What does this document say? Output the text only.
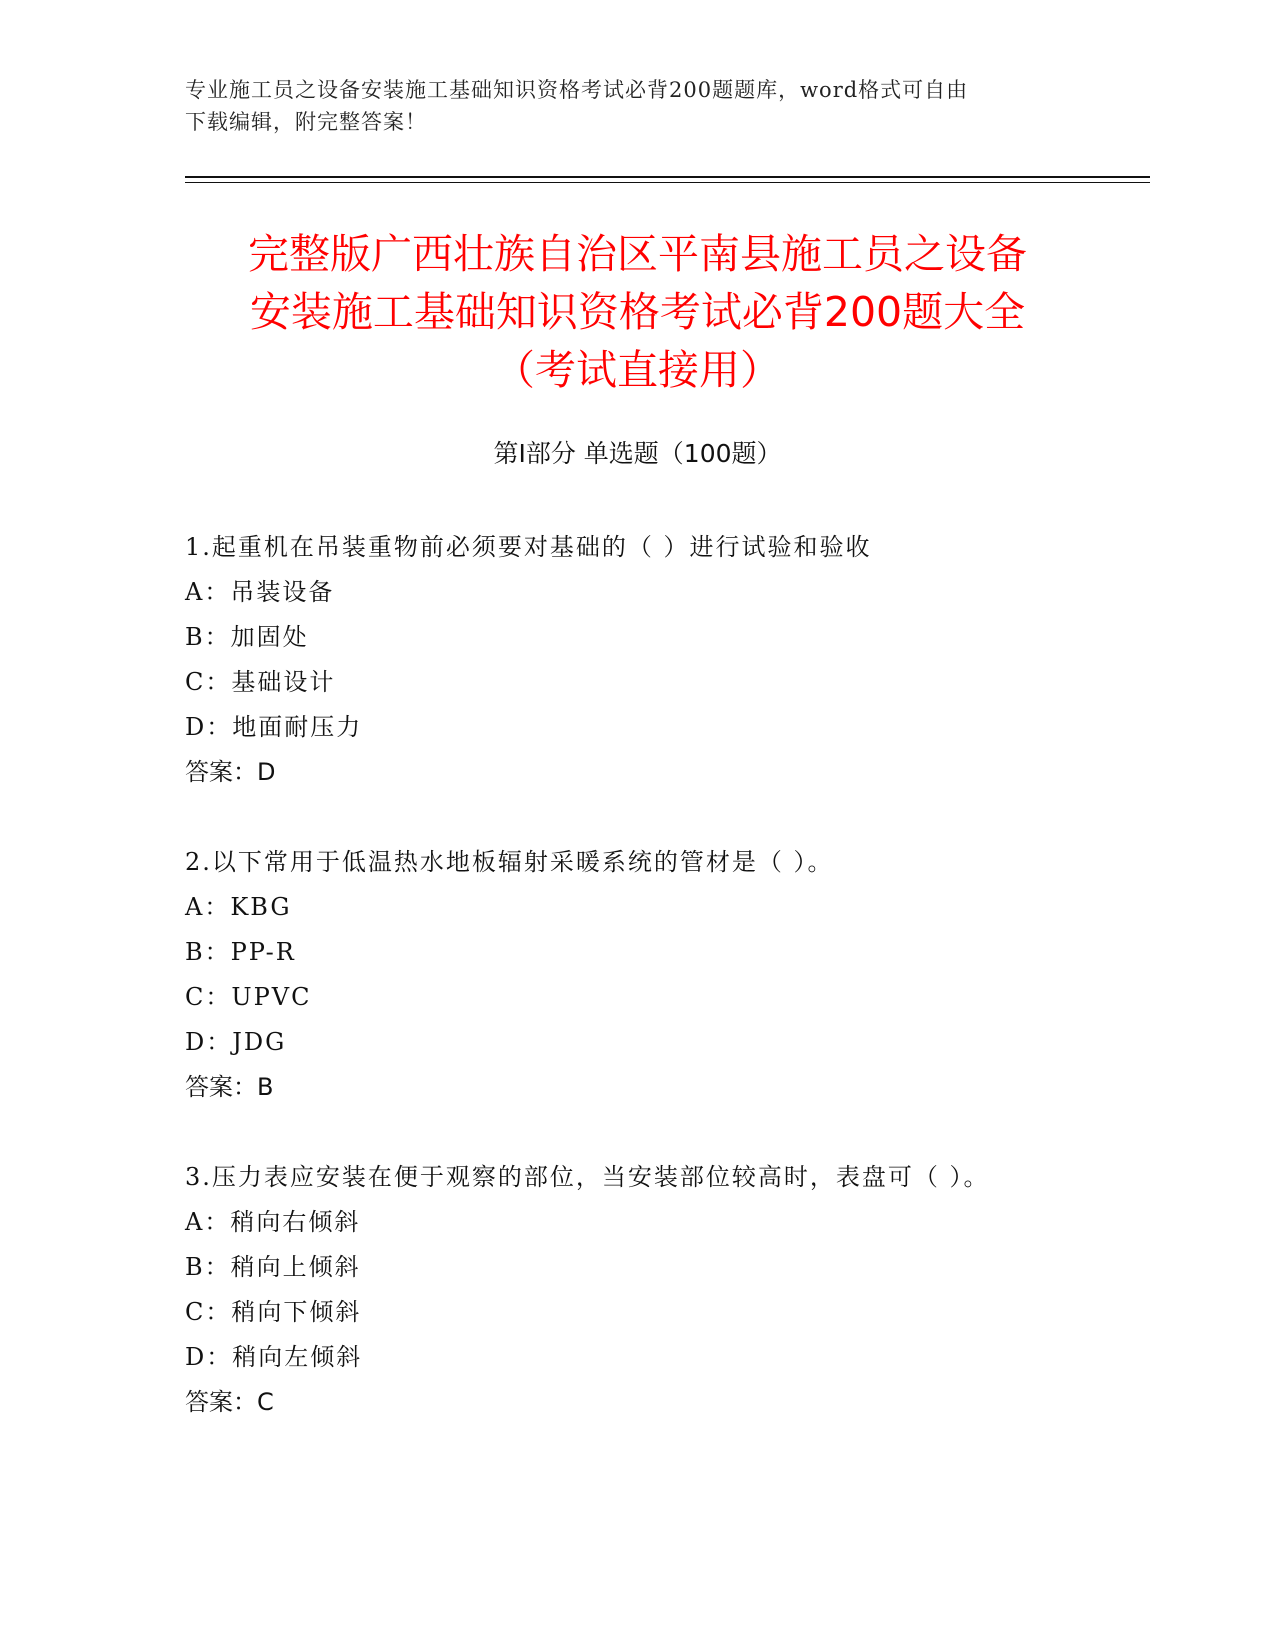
专业施工员之设备安装施工基础知识资格考试必背200题题库，word格式可自由
下载编辑，附完整答案！
完整版广西壮族自治区平南县施工员之设备
安装施工基础知识资格考试必背200题大全
（考试直接用）
第Ⅰ部分 单选题（100题）
1.起重机在吊装重物前必须要对基础的（ ）进行试验和验收
A：吊装设备
B：加固处
C：基础设计
D：地面耐压力
答案：D
2.以下常用于低温热水地板辐射采暖系统的管材是（ ）。
A：KBG
B：PP-R
C：UPVC
D：JDG
答案：B
3.压力表应安装在便于观察的部位，当安装部位较高时，表盘可（ ）。
A：稍向右倾斜
B：稍向上倾斜
C：稍向下倾斜
D：稍向左倾斜
答案：C
